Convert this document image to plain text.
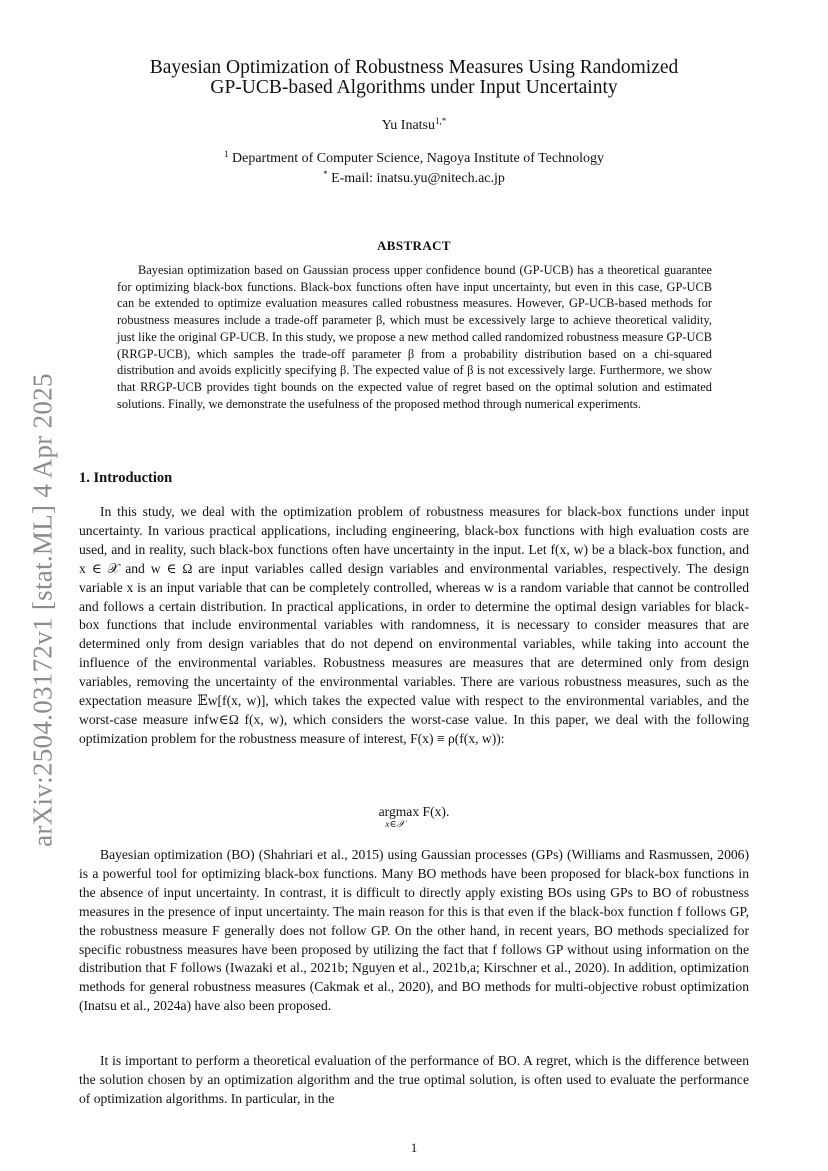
arXiv:2504.03172v1 [stat.ML] 4 Apr 2025
Bayesian Optimization of Robustness Measures Using Randomized
GP-UCB-based Algorithms under Input Uncertainty
Yu Inatsu$^{1,*}$
$^1$ Department of Computer Science, Nagoya Institute of Technology
* E-mail: inatsu.yu@nitech.ac.jp
ABSTRACT

Bayesian optimization based on Gaussian process upper confidence bound (GP-UCB) has a theoretical guarantee for optimizing black-box functions. Black-box functions often have input uncertainty, but even in this case, GP-UCB can be extended to optimize evaluation measures called robustness measures. However, GP-UCB-based methods for robustness measures include a trade-off parameter β, which must be excessively large to achieve theoretical validity, just like the original GP-UCB. In this study, we propose a new method called randomized robustness measure GP-UCB (RRGP-UCB), which samples the trade-off parameter β from a probability distribution based on a chi-squared distribution and avoids explicitly specifying β. The expected value of β is not excessively large. Furthermore, we show that RRGP-UCB provides tight bounds on the expected value of regret based on the optimal solution and estimated solutions. Finally, we demonstrate the usefulness of the proposed method through numerical experiments.

1. Introduction

In this study, we deal with the optimization problem of robustness measures for black-box functions under input uncertainty. In various practical applications, including engineering, black-box functions with high evaluation costs are used, and in reality, such black-box functions often have uncertainty in the input. Let f(x, w) be a black-box function, and x ∈ 𝒳 and w ∈ Ω are input variables called design variables and environmental variables, respectively. The design variable x is an input variable that can be completely controlled, whereas w is a random variable that cannot be controlled and follows a certain distribution. In practical applications, in order to determine the optimal design variables for black-box functions that include environmental variables with randomness, it is necessary to consider measures that are determined only from design variables that do not depend on environmental variables, while taking into account the influence of the environmental variables. Robustness measures are measures that are determined only from design variables, removing the uncertainty of the environmental variables. There are various robustness measures, such as the expectation measure 𝔼w[f(x, w)], which takes the expected value with respect to the environmental variables, and the worst-case measure infw∈Ω f(x, w), which considers the worst-case value. In this paper, we deal with the following optimization problem for the robustness measure of interest, F(x) ≡ ρ(f(x, w)):

argmax F(x).
x∈𝒳

Bayesian optimization (BO) (Shahriari et al., 2015) using Gaussian processes (GPs) (Williams and Rasmussen, 2006) is a powerful tool for optimizing black-box functions. Many BO methods have been proposed for black-box functions in the absence of input uncertainty. In contrast, it is difficult to directly apply existing BOs using GPs to BO of robustness measures in the presence of input uncertainty. The main reason for this is that even if the black-box function f follows GP, the robustness measure F generally does not follow GP. On the other hand, in recent years, BO methods specialized for specific robustness measures have been proposed by utilizing the fact that f follows GP without using information on the distribution that F follows (Iwazaki et al., 2021b; Nguyen et al., 2021b,a; Kirschner et al., 2020). In addition, optimization methods for general robustness measures (Cakmak et al., 2020), and BO methods for multi-objective robust optimization (Inatsu et al., 2024a) have also been proposed.

It is important to perform a theoretical evaluation of the performance of BO. A regret, which is the difference between the solution chosen by an optimization algorithm and the true optimal solution, is often used to evaluate the performance of optimization algorithms. In particular, in the

1
